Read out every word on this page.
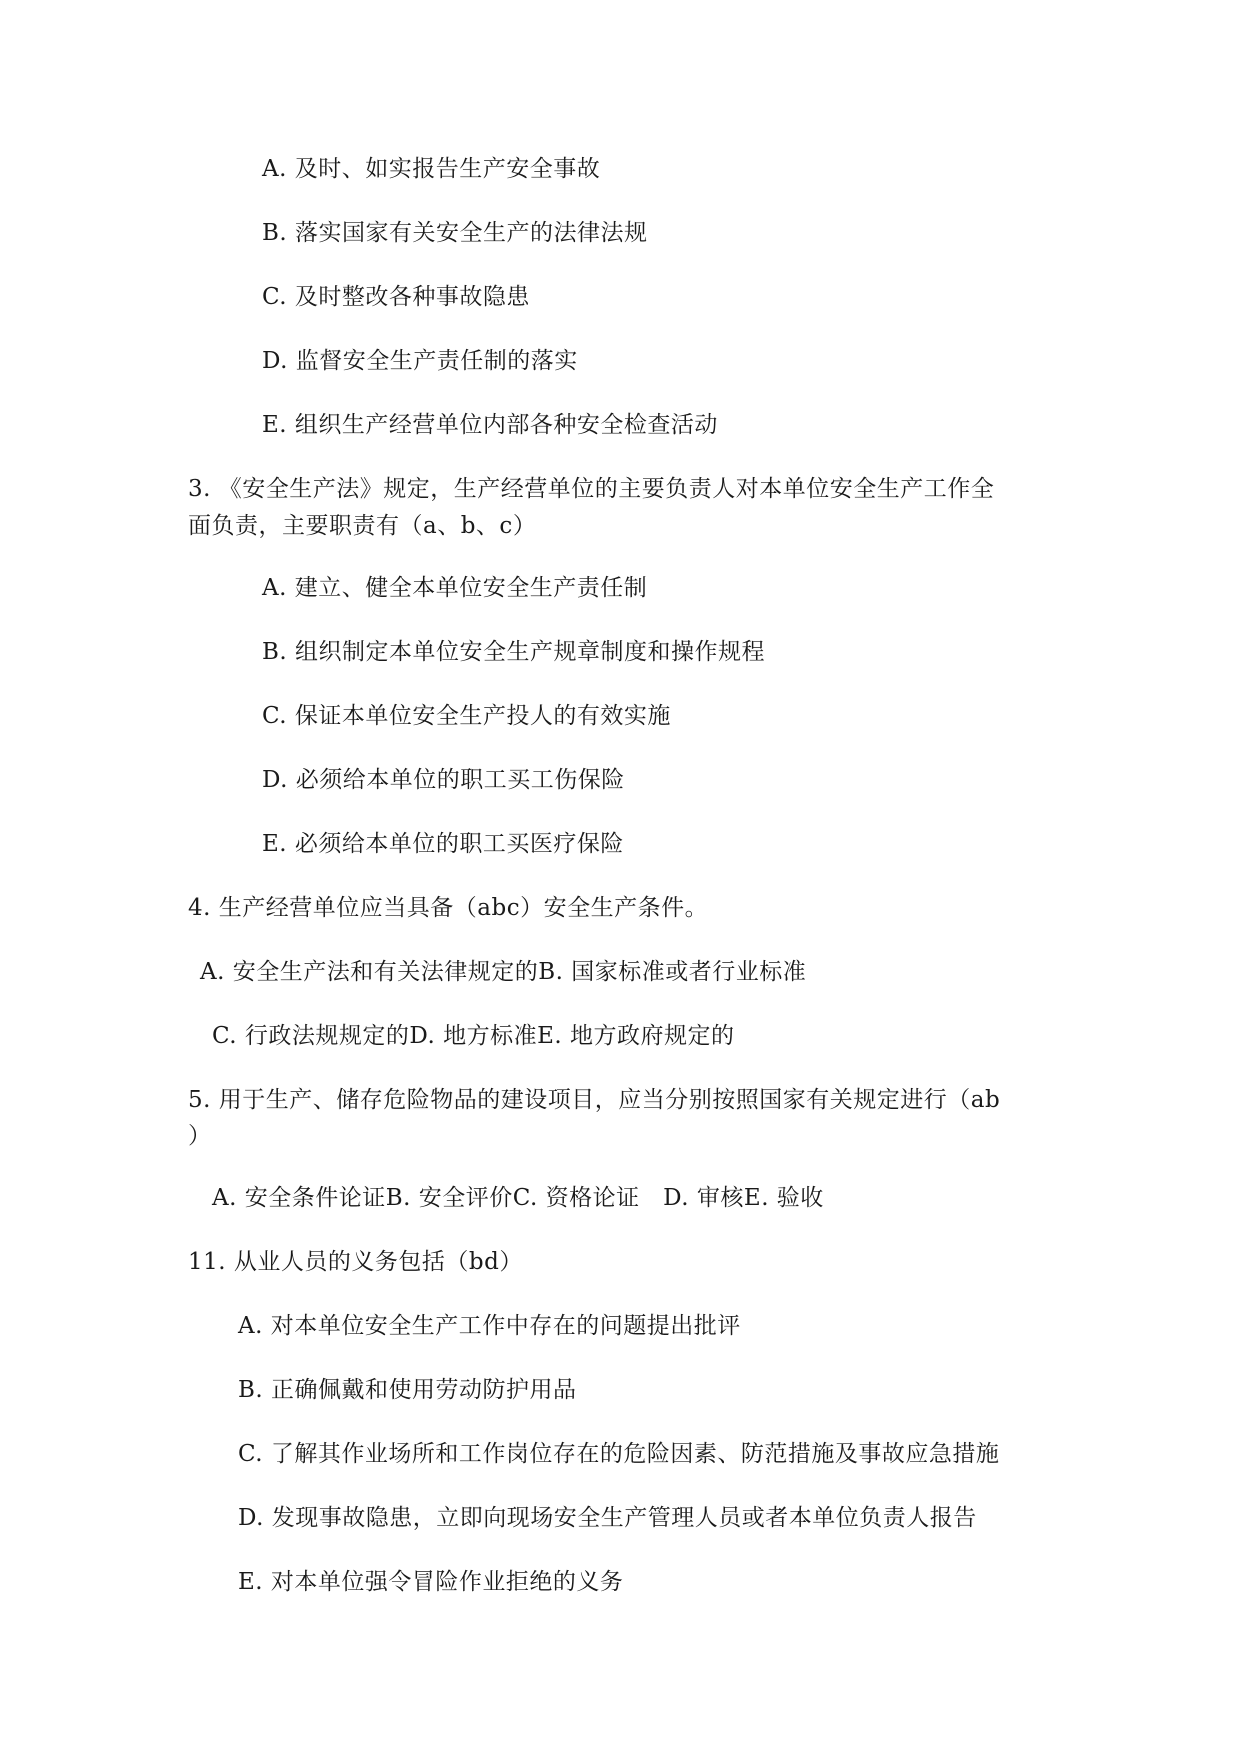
A. 及时、如实报告生产安全事故
B. 落实国家有关安全生产的法律法规
C. 及时整改各种事故隐患
D. 监督安全生产责任制的落实
E. 组织生产经营单位内部各种安全检查活动
3. 《安全生产法》规定，生产经营单位的主要负责人对本单位安全生产工作全
面负责，主要职责有（a、b、c）
A. 建立、健全本单位安全生产责任制
B. 组织制定本单位安全生产规章制度和操作规程
C. 保证本单位安全生产投人的有效实施
D. 必须给本单位的职工买工伤保险
E. 必须给本单位的职工买医疗保险
4. 生产经营单位应当具备（abc）安全生产条件。
A. 安全生产法和有关法律规定的B. 国家标准或者行业标准
C. 行政法规规定的D. 地方标准E. 地方政府规定的
5. 用于生产、储存危险物品的建设项目，应当分别按照国家有关规定进行（ab
）
A. 安全条件论证B. 安全评价C. 资格论证　D. 审核E. 验收
11. 从业人员的义务包括（bd）
A. 对本单位安全生产工作中存在的问题提出批评
B. 正确佩戴和使用劳动防护用品
C. 了解其作业场所和工作岗位存在的危险因素、防范措施及事故应急措施
D. 发现事故隐患，立即向现场安全生产管理人员或者本单位负责人报告
E. 对本单位强令冒险作业拒绝的义务
